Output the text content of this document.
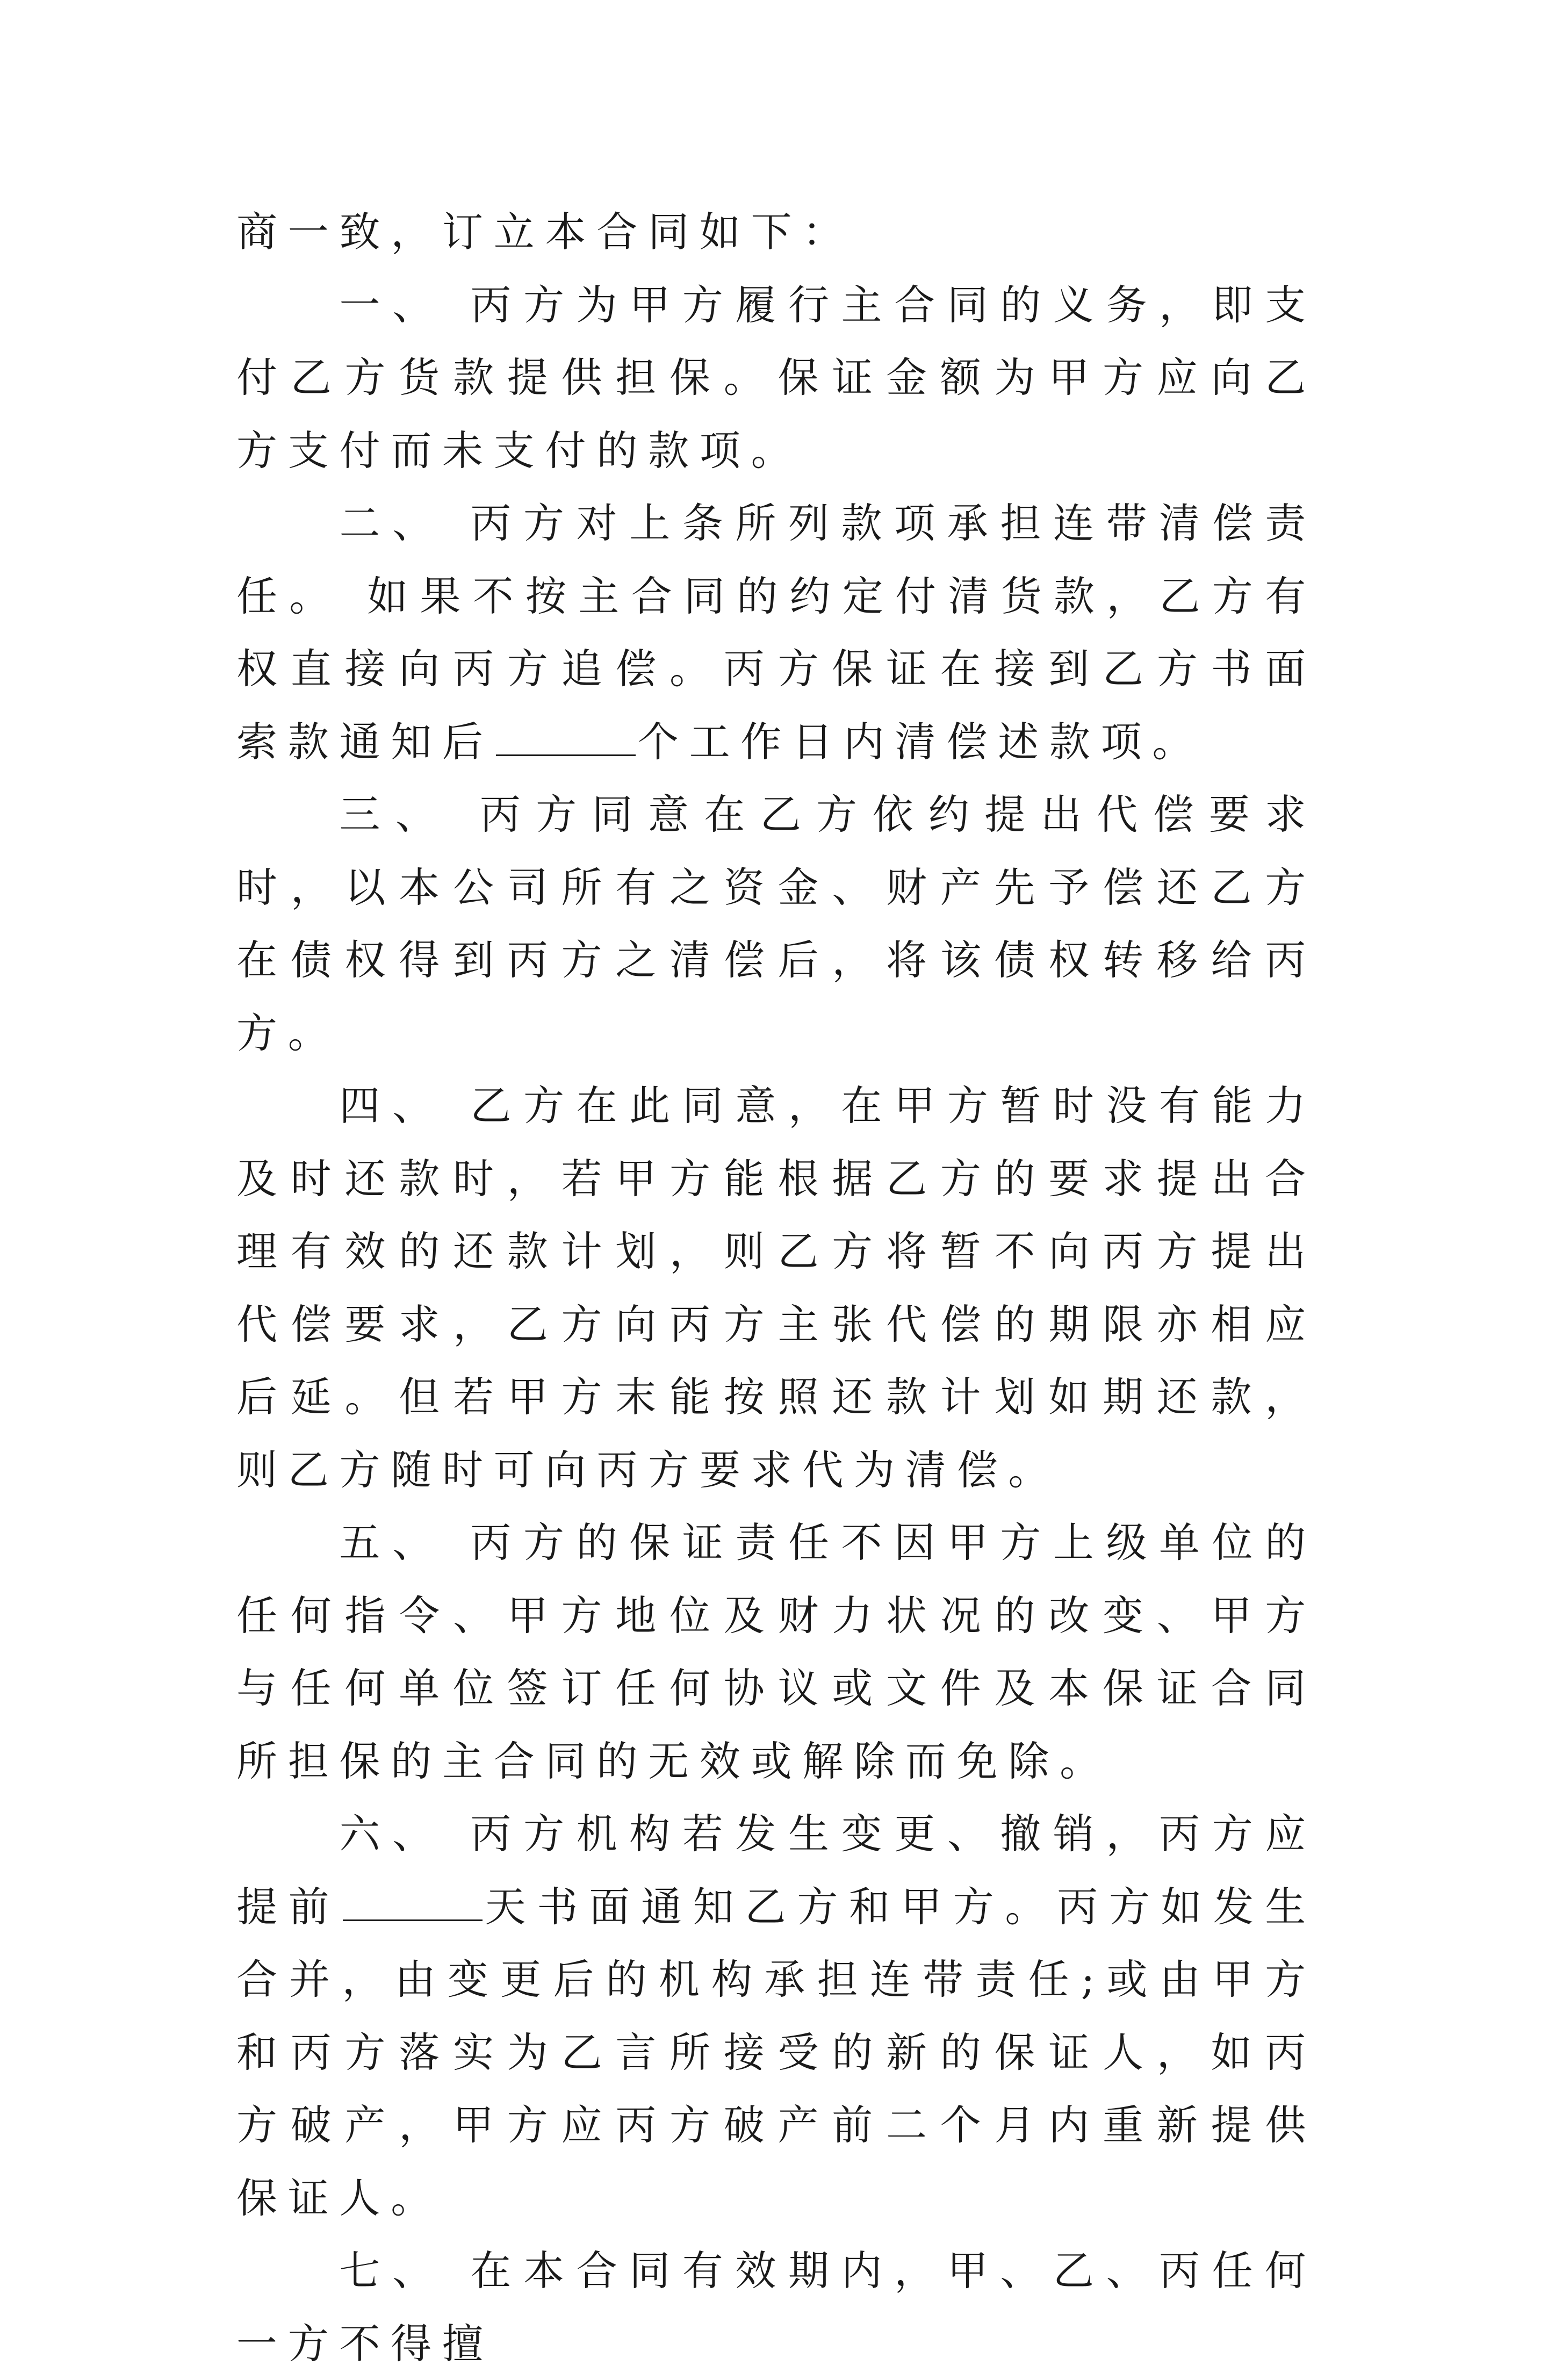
商一致，订立本合同如下：

一、 丙方为甲方履行主合同的义务，即支付乙方货款提供担保。保证金额为甲方应向乙方支付而未支付的款项。

二、 丙方对上条所列款项承担连带清偿责任。 如果不按主合同的约定付清货款，乙方有权直接向丙方追偿。丙方保证在接到乙方书面索款通知后	个工作日内清偿述款项。

三、 丙方同意在乙方依约提出代偿要求时，以本公司所有之资金、财产先予偿还乙方在债权得到丙方之清偿后，将该债权转移给丙方。

四、 乙方在此同意，在甲方暂时没有能力及时还款时，若甲方能根据乙方的要求提出合理有效的还款计划，则乙方将暂不向丙方提出代偿要求，乙方向丙方主张代偿的期限亦相应后延。但若甲方末能按照还款计划如期还款，则乙方随时可向丙方要求代为清偿。

五、 丙方的保证责任不因甲方上级单位的任何指令、甲方地位及财力状况的改变、甲方与任何单位签订任何协议或文件及本保证合同所担保的主合同的无效或解除而免除。

六、 丙方机构若发生变更、撤销，丙方应提前	天书面通知乙方和甲方。丙方如发生合并，由变更后的机构承担连带责任;或由甲方和丙方落实为乙言所接受的新的保证人，如丙方破产，甲方应丙方破产前二个月内重新提供保证人。

七、 在本合同有效期内，甲、乙、丙任何一方不得擅
